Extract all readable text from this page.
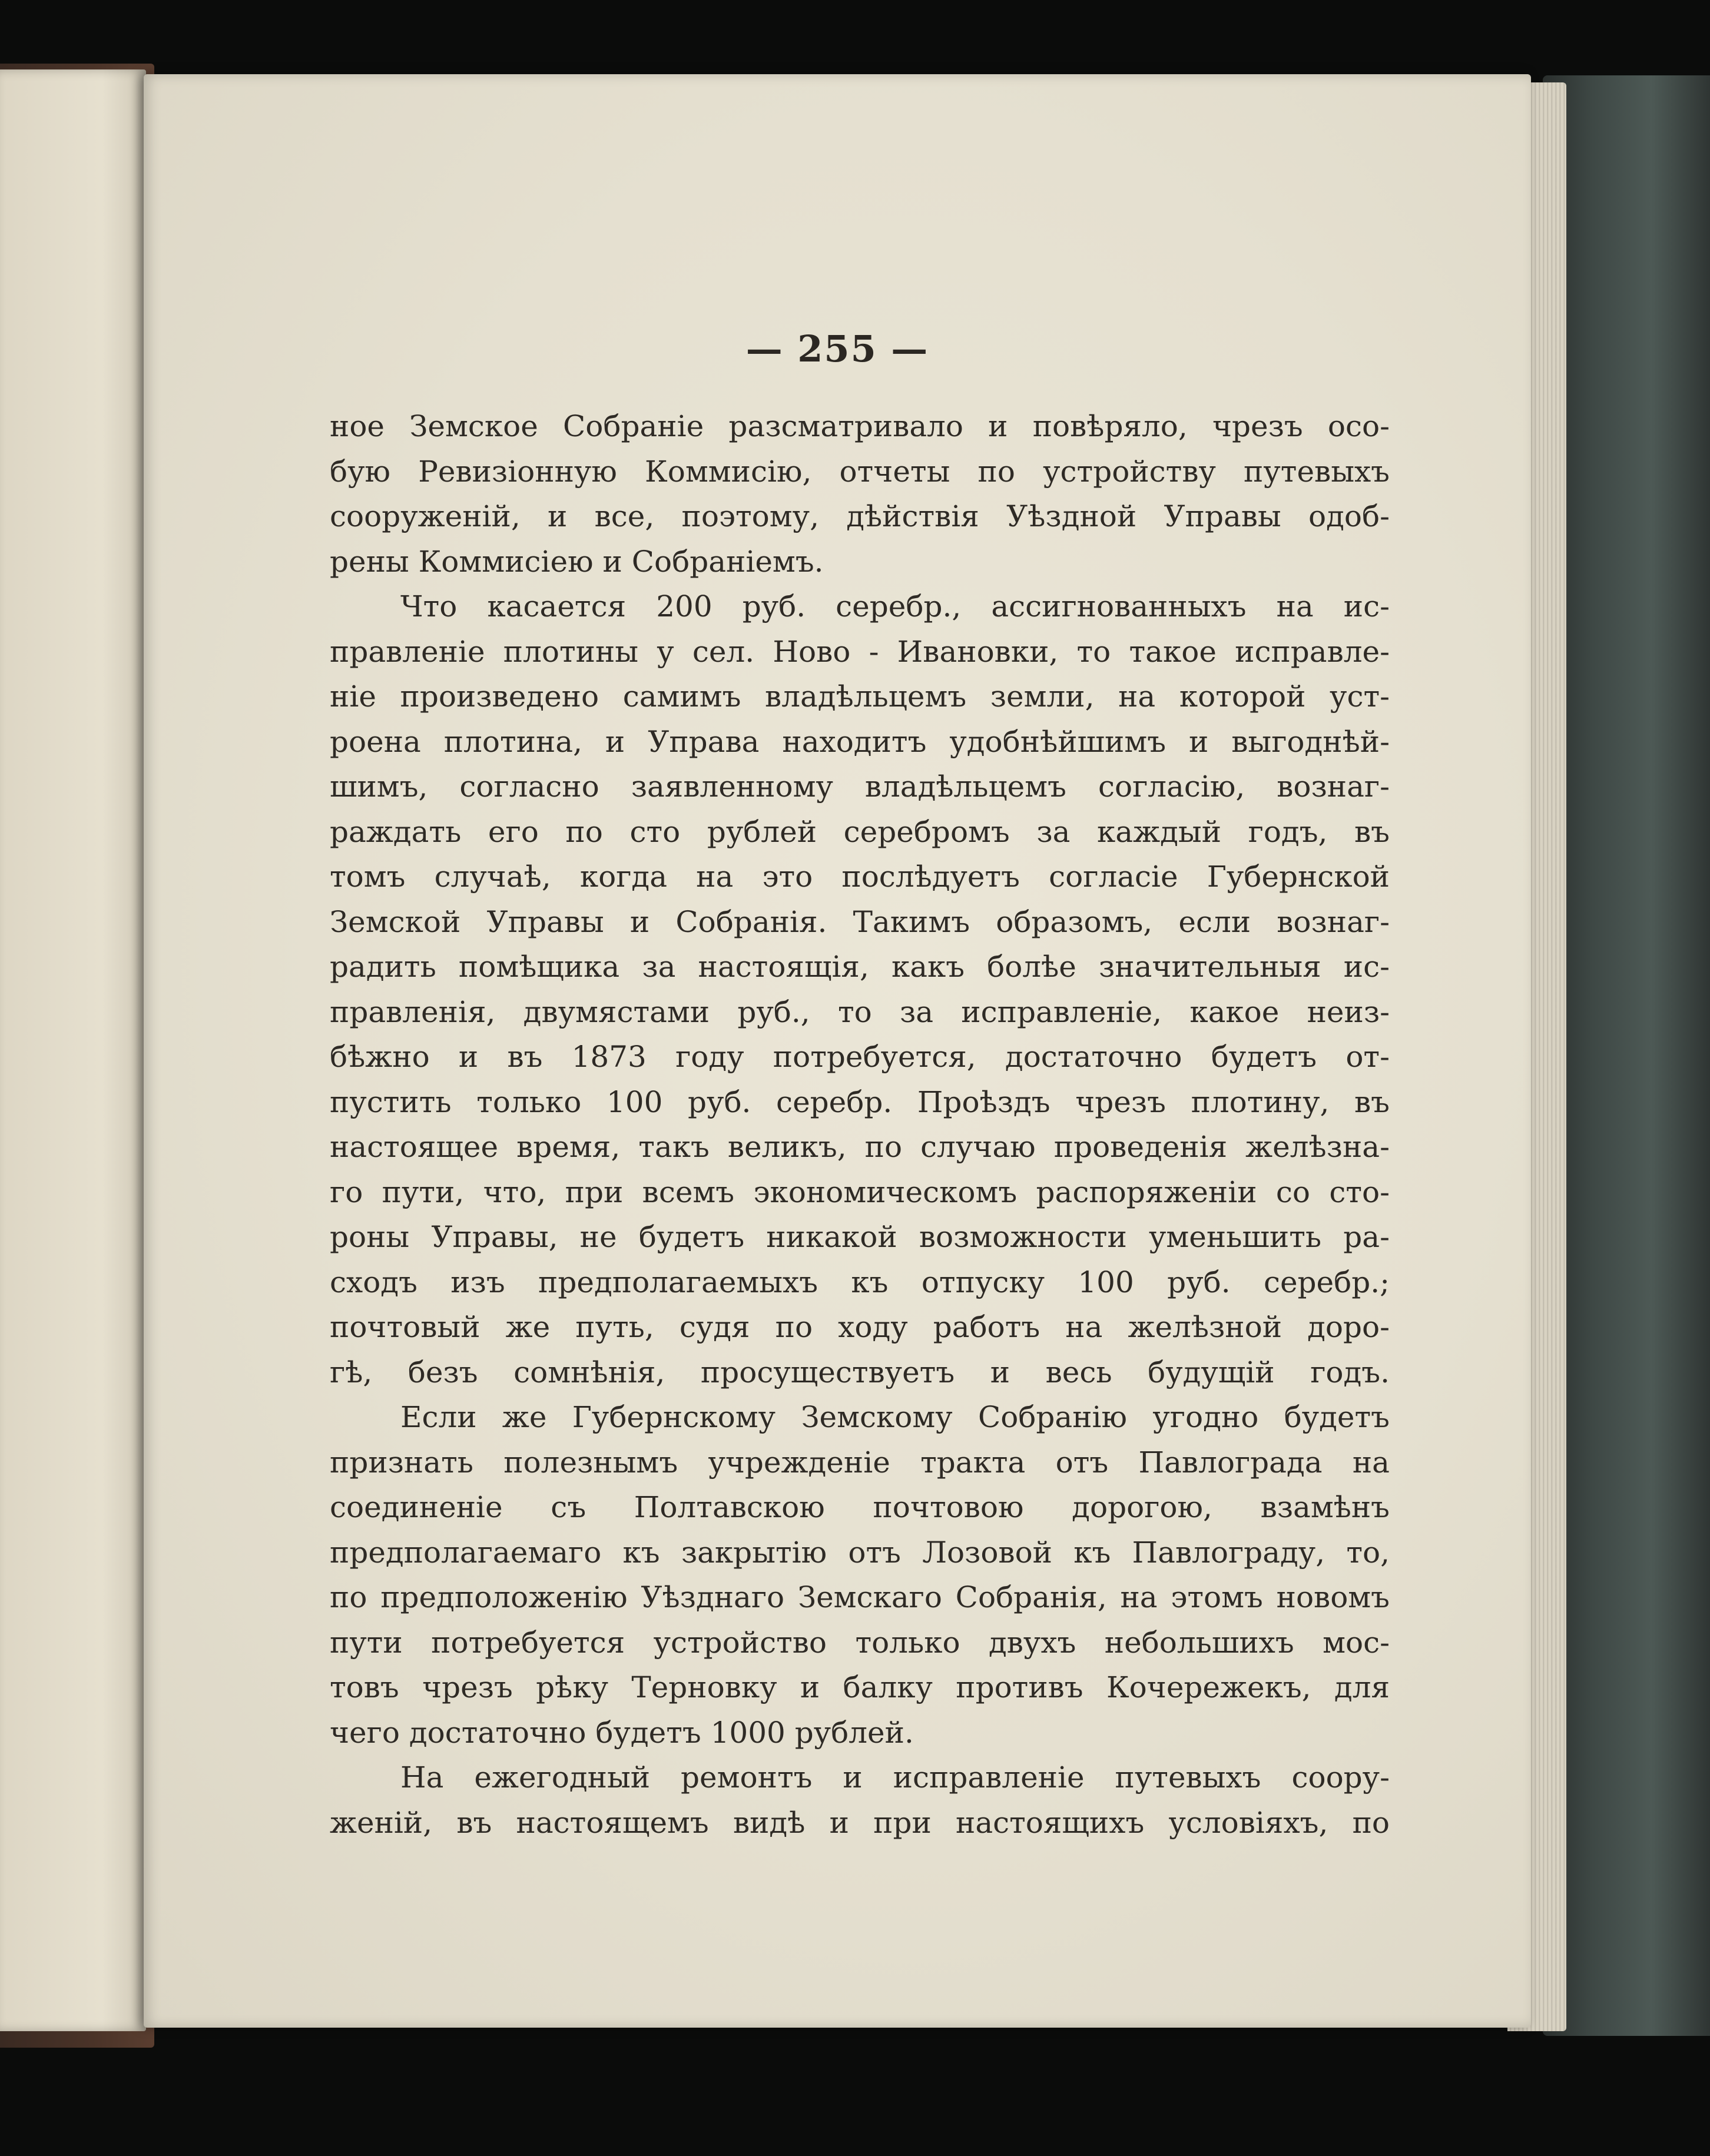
— 255 —
ное Земское Собраніе разсматривало и повѣряло, чрезъ осо-
бую Ревизіонную Коммисію, отчеты по устройству путевыхъ
сооруженій, и все, поэтому, дѣйствія Уѣздной Управы одоб-
рены Коммисіею и Собраніемъ.
Что касается 200 руб. серебр., ассигнованныхъ на ис-
правленіе плотины у сел. Ново - Ивановки, то такое исправле-
ніе произведено самимъ владѣльцемъ земли, на которой уст-
роена плотина, и Управа находитъ удобнѣйшимъ и выгоднѣй-
шимъ, согласно заявленному владѣльцемъ согласію, вознаг-
раждать его по сто рублей серебромъ за каждый годъ, въ
томъ случаѣ, когда на это послѣдуетъ согласіе Губернской
Земской Управы и Собранія. Такимъ образомъ, если вознаг-
радить помѣщика за настоящія, какъ болѣе значительныя ис-
правленія, двумястами руб., то за исправленіе, какое неиз-
бѣжно и въ 1873 году потребуется, достаточно будетъ от-
пустить только 100 руб. серебр. Проѣздъ чрезъ плотину, въ
настоящее время, такъ великъ, по случаю проведенія желѣзна-
го пути, что, при всемъ экономическомъ распоряженіи со сто-
роны Управы, не будетъ никакой возможности уменьшить ра-
сходъ изъ предполагаемыхъ къ отпуску 100 руб. серебр.;
почтовый же путь, судя по ходу работъ на желѣзной доро-
гѣ, безъ сомнѣнія, просуществуетъ и весь будущій годъ.
Если же Губернскому Земскому Собранію угодно будетъ
признать полезнымъ учрежденіе тракта отъ Павлограда на
соединеніе съ Полтавскою почтовою дорогою, взамѣнъ
предполагаемаго къ закрытію отъ Лозовой къ Павлограду, то,
по предположенію Уѣзднаго Земскаго Собранія, на этомъ новомъ
пути потребуется устройство только двухъ небольшихъ мос-
товъ чрезъ рѣку Терновку и балку противъ Кочережекъ, для
чего достаточно будетъ 1000 рублей.
На ежегодный ремонтъ и исправленіе путевыхъ соору-
женій, въ настоящемъ видѣ и при настоящихъ условіяхъ, по
